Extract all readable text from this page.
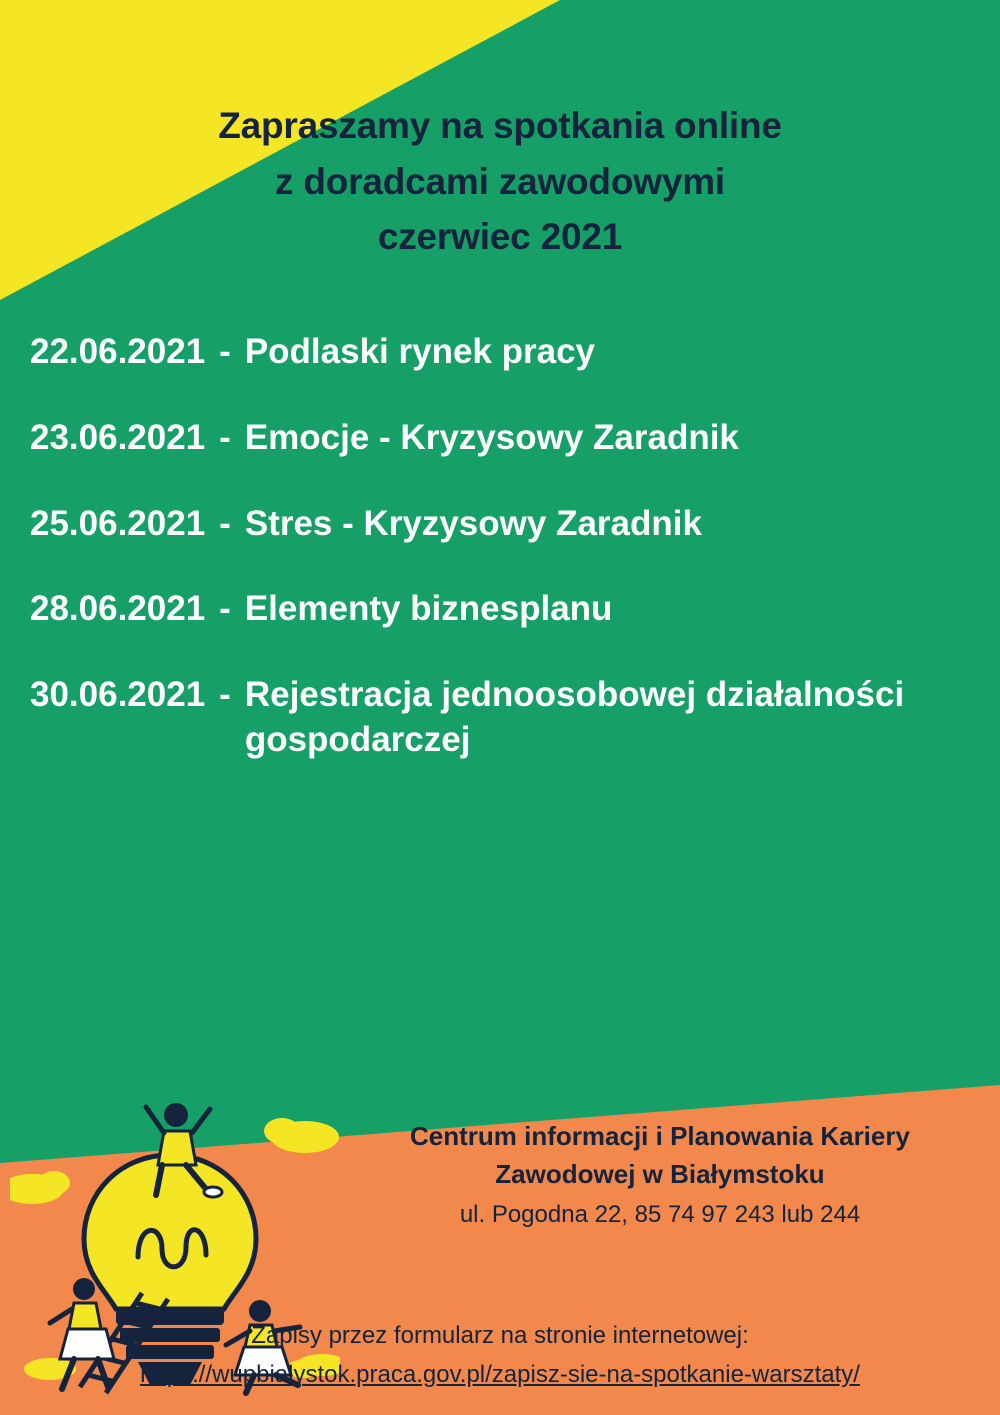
Zapraszamy na spotkania online
z doradcami zawodowymi
czerwiec 2021
22.06.2021 - Podlaski rynek pracy
23.06.2021 - Emocje - Kryzysowy Zaradnik
25.06.2021 - Stres - Kryzysowy Zaradnik
28.06.2021 - Elementy biznesplanu
30.06.2021 - Rejestracja jednoosobowej działalności gospodarczej
Centrum informacji i Planowania Kariery
Zawodowej w Białymstoku
ul. Pogodna 22, 85 74 97 243 lub 244
Zapisy przez formularz na stronie internetowej:
https://wupbialystok.praca.gov.pl/zapisz-sie-na-spotkanie-warsztaty/
